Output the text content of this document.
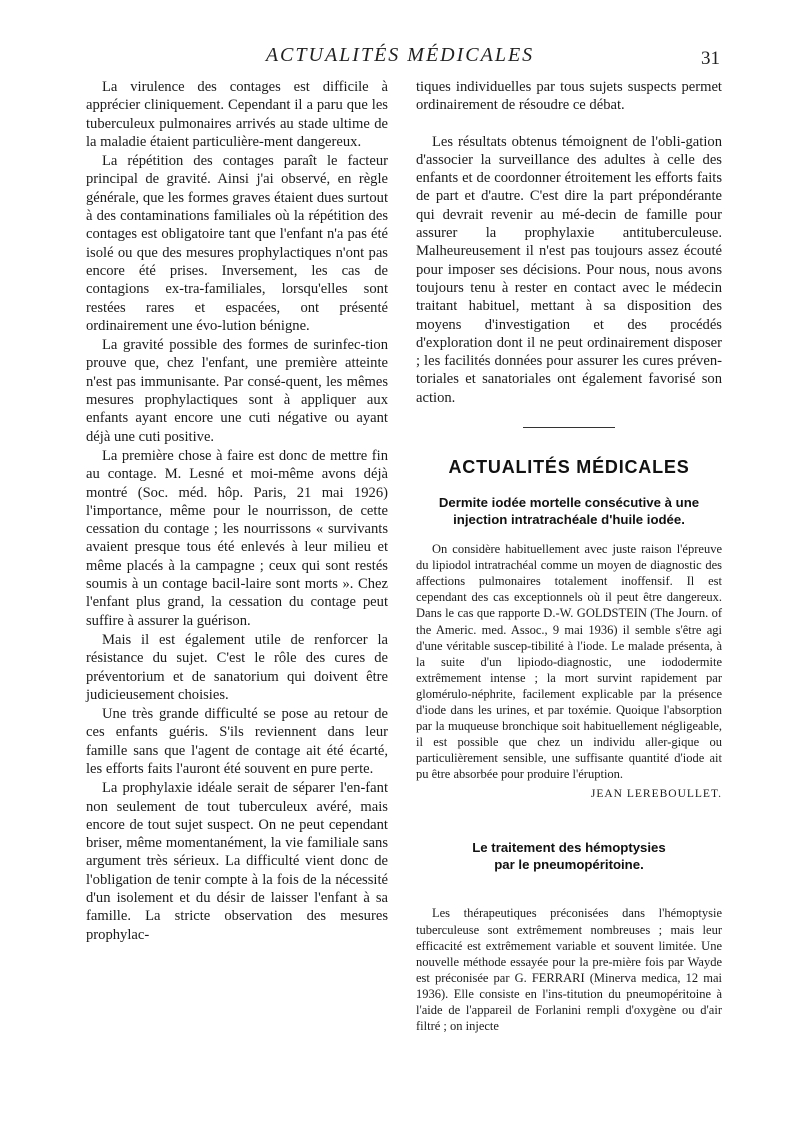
ACTUALITÉS MÉDICALES	31

La virulence des contages est difficile à apprécier cliniquement. Cependant il a paru que les tuberculeux pulmonaires arrivés au stade ultime de la maladie étaient particulière-ment dangereux.

La répétition des contages paraît le facteur principal de gravité. Ainsi j'ai observé, en règle générale, que les formes graves étaient dues surtout à des contaminations familiales où la répétition des contages est obligatoire tant que l'enfant n'a pas été isolé ou que des mesures prophylactiques n'ont pas encore été prises. Inversement, les cas de contagions ex-tra-familiales, lorsqu'elles sont restées rares et espacées, ont présenté ordinairement une évo-lution bénigne.

La gravité possible des formes de surinfec-tion prouve que, chez l'enfant, une première atteinte n'est pas immunisante. Par consé-quent, les mêmes mesures prophylactiques sont à appliquer aux enfants ayant encore une cuti négative ou ayant déjà une cuti positive.

La première chose à faire est donc de mettre fin au contage. M. Lesné et moi-même avons déjà montré (Soc. méd. hôp. Paris, 21 mai 1926) l'importance, même pour le nourrisson, de cette cessation du contage ; les nourrissons « survivants avaient presque tous été enlevés à leur milieu et même placés à la campagne ; ceux qui sont restés soumis à un contage bacil-laire sont morts ». Chez l'enfant plus grand, la cessation du contage peut suffire à assurer la guérison.

Mais il est également utile de renforcer la résistance du sujet. C'est le rôle des cures de préventorium et de sanatorium qui doivent être judicieusement choisies.

Une très grande difficulté se pose au retour de ces enfants guéris. S'ils reviennent dans leur famille sans que l'agent de contage ait été écarté, les efforts faits l'auront été souvent en pure perte.

La prophylaxie idéale serait de séparer l'en-fant non seulement de tout tuberculeux avéré, mais encore de tout sujet suspect. On ne peut cependant briser, même momentanément, la vie familiale sans argument très sérieux. La difficulté vient donc de l'obligation de tenir compte à la fois de la nécessité d'un isolement et du désir de laisser l'enfant à sa famille. La stricte observation des mesures prophylac-

tiques individuelles par tous sujets suspects permet ordinairement de résoudre ce débat.

Les résultats obtenus témoignent de l'obli-gation d'associer la surveillance des adultes à celle des enfants et de coordonner étroitement les efforts faits de part et d'autre. C'est dire la part prépondérante qui devrait revenir au mé-decin de famille pour assurer la prophylaxie antituberculeuse. Malheureusement il n'est pas toujours assez écouté pour imposer ses décisions. Pour nous, nous avons toujours tenu à rester en contact avec le médecin traitant habituel, mettant à sa disposition des moyens d'investigation et des procédés d'exploration dont il ne peut ordinairement disposer ; les facilités données pour assurer les cures préven-toriales et sanatoriales ont également favorisé son action.

ACTUALITÉS MÉDICALES
Dermite iodée mortelle consécutive à une
injection intratrachéale d'huile iodée.

On considère habituellement avec juste raison l'épreuve du lipiodol intratrachéal comme un moyen de diagnostic des affections pulmonaires totalement inoffensif. Il est cependant des cas exceptionnels où il peut être dangereux. Dans le cas que rapporte D.-W. GOLDSTEIN (The Journ. of the Americ. med. Assoc., 9 mai 1936) il semble s'être agi d'une véritable suscep-tibilité à l'iode. Le malade présenta, à la suite d'un lipiodo-diagnostic, une iododermite extrêmement intense ; la mort survint rapidement par glomérulo-néphrite, facilement explicable par la présence d'iode dans les urines, et par toxémie. Quoique l'absorption par la muqueuse bronchique soit habituellement négligeable, il est possible que chez un individu aller-gique ou particulièrement sensible, une suffisante quantité d'iode ait pu être absorbée pour produire l'éruption.

JEAN LEREBOULLET.

Le traitement des hémoptysies
par le pneumopéritoine.

Les thérapeutiques préconisées dans l'hémoptysie tuberculeuse sont extrêmement nombreuses ; mais leur efficacité est extrêmement variable et souvent limitée. Une nouvelle méthode essayée pour la pre-mière fois par Wayde est préconisée par G. FERRARI (Minerva medica, 12 mai 1936). Elle consiste en l'ins-titution du pneumopéritoine à l'aide de l'appareil de Forlanini rempli d'oxygène ou d'air filtré ; on injecte
